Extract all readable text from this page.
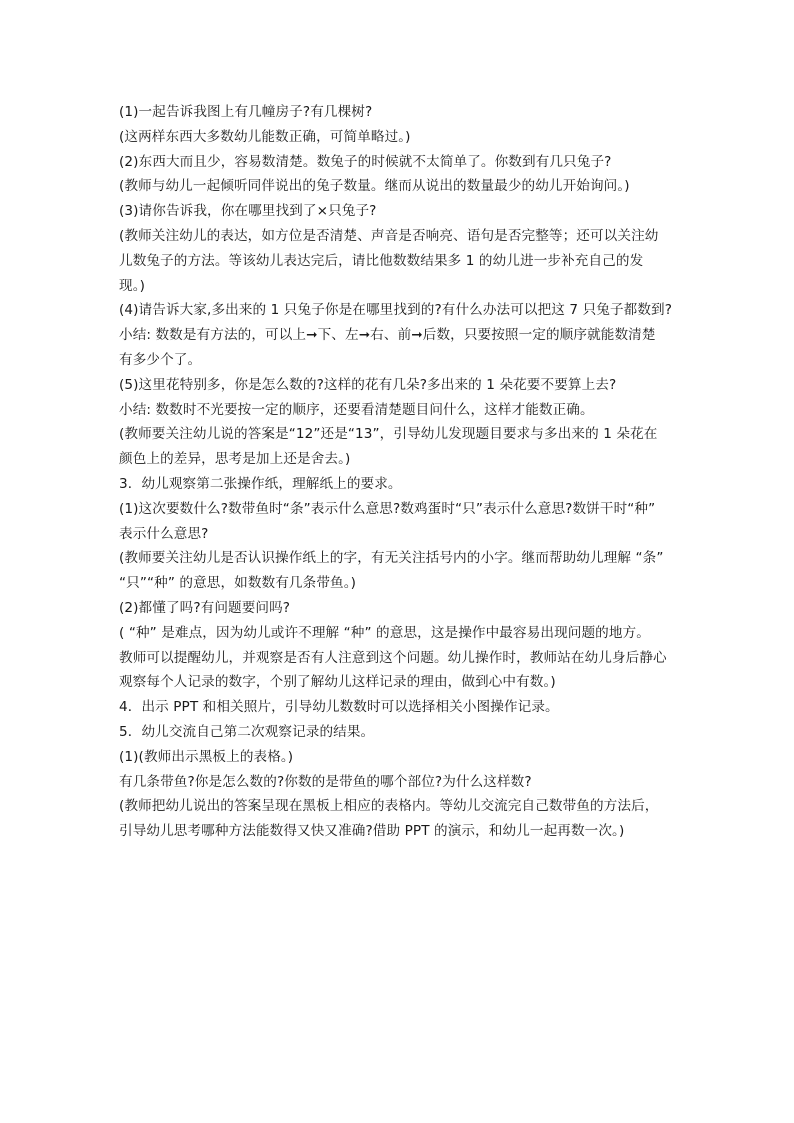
(1)一起告诉我图上有几幢房子?有几棵树?
(这两样东西大多数幼儿能数正确，可简单略过。)
(2)东西大而且少，容易数清楚。数兔子的时候就不太简单了。你数到有几只兔子?
(教师与幼儿一起倾听同伴说出的兔子数量。继而从说出的数量最少的幼儿开始询问。)
(3)请你告诉我，你在哪里找到了×只兔子?
(教师关注幼儿的表达，如方位是否清楚、声音是否响亮、语句是否完整等；还可以关注幼
儿数兔子的方法。等该幼儿表达完后，请比他数数结果多 1 的幼儿进一步补充自己的发
现。)
(4)请告诉大家,多出来的 1 只兔子你是在哪里找到的?有什么办法可以把这 7 只兔子都数到?
小结: 数数是有方法的，可以上➞下、左➞右、前➞后数，只要按照一定的顺序就能数清楚
有多少个了。
(5)这里花特别多，你是怎么数的?这样的花有几朵?多出来的 1 朵花要不要算上去?
小结: 数数时不光要按一定的顺序，还要看清楚题目问什么，这样才能数正确。
(教师要关注幼儿说的答案是“12”还是“13”，引导幼儿发现题目要求与多出来的 1 朵花在
颜色上的差异，思考是加上还是舍去。)
3．幼儿观察第二张操作纸，理解纸上的要求。
(1)这次要数什么?数带鱼时“条”表示什么意思?数鸡蛋时“只”表示什么意思?数饼干时“种”
表示什么意思?
(教师要关注幼儿是否认识操作纸上的字，有无关注括号内的小字。继而帮助幼儿理解 “条”
“只”“种” 的意思，如数数有几条带鱼。)
(2)都懂了吗?有问题要问吗?
( “种” 是难点，因为幼儿或许不理解 “种” 的意思，这是操作中最容易出现问题的地方。
教师可以提醒幼儿，并观察是否有人注意到这个问题。幼儿操作时，教师站在幼儿身后静心
观察每个人记录的数字，个别了解幼儿这样记录的理由，做到心中有数。)
4．出示 PPT 和相关照片，引导幼儿数数时可以选择相关小图操作记录。
5．幼儿交流自己第二次观察记录的结果。
(1)(教师出示黑板上的表格。)
有几条带鱼?你是怎么数的?你数的是带鱼的哪个部位?为什么这样数?
(教师把幼儿说出的答案呈现在黑板上相应的表格内。等幼儿交流完自己数带鱼的方法后，
引导幼儿思考哪种方法能数得又快又准确?借助 PPT 的演示，和幼儿一起再数一次。)
